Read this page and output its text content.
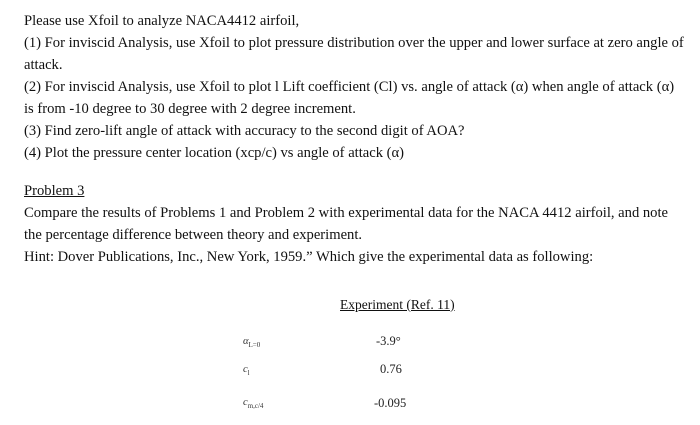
Please use Xfoil to analyze NACA4412 airfoil,
(1) For inviscid Analysis, use Xfoil to plot pressure distribution over the upper and lower surface at zero angle of attack.
(2) For inviscid Analysis, use Xfoil to plot l Lift coefficient (Cl) vs. angle of attack (α) when angle of attack (α) is from -10 degree to 30 degree with 2 degree increment.
(3) Find zero-lift angle of attack with accuracy to the second digit of AOA?
(4) Plot the pressure center location (xcp/c) vs angle of attack (α)
Problem 3
Compare the results of Problems 1 and Problem 2 with experimental data for the NACA 4412 airfoil, and note the percentage difference between theory and experiment.
Hint: Dover Publications, Inc., New York, 1959.” Which give the experimental data as following:
Experiment (Ref. 11)
$\alpha_{L=0}$	-3.9°
$c_l$	0.76
$c_{m,c/4}$	-0.095
